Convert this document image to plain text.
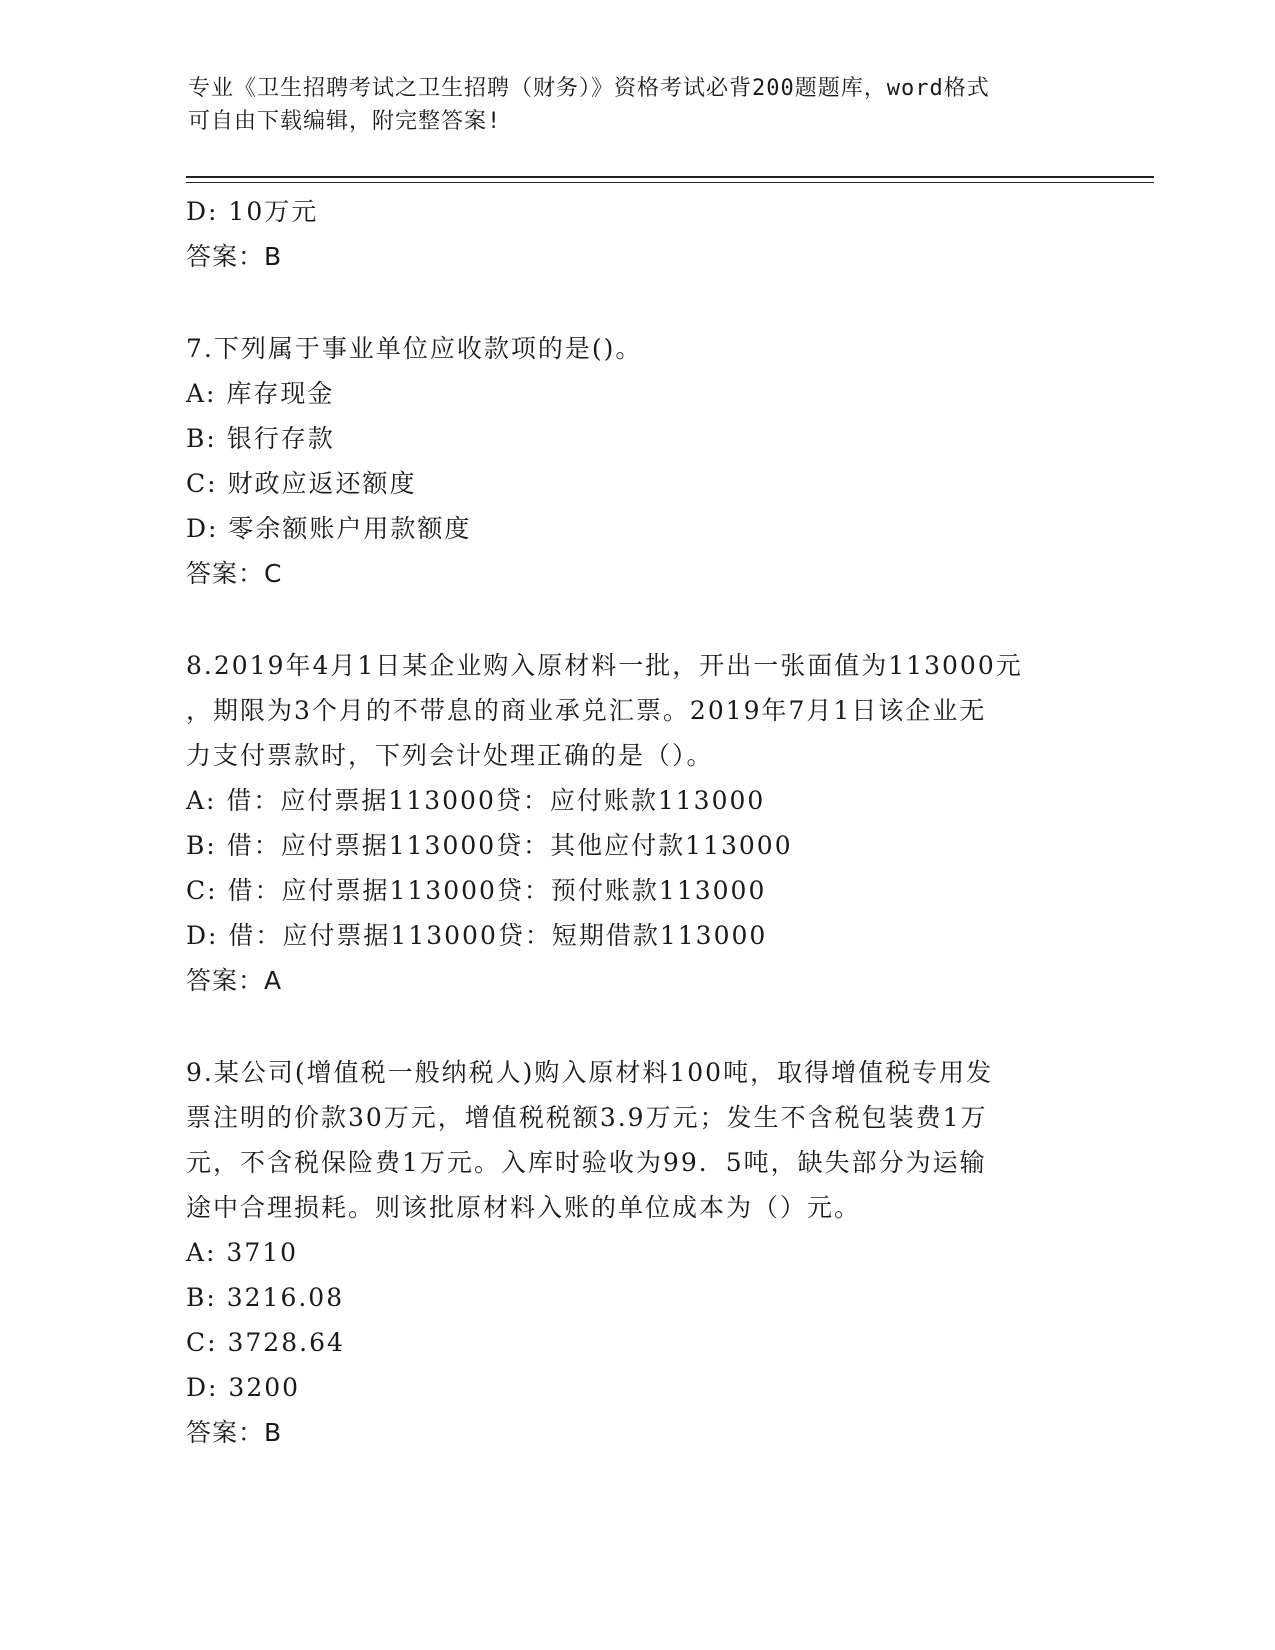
专业《卫生招聘考试之卫生招聘（财务）》资格考试必背200题题库，word格式
可自由下载编辑，附完整答案!
D: 10万元
答案：B
7.下列属于事业单位应收款项的是()。
A: 库存现金
B: 银行存款
C: 财政应返还额度
D: 零余额账户用款额度
答案：C
8.2019年4月1日某企业购入原材料一批，开出一张面值为113000元
，期限为3个月的不带息的商业承兑汇票。2019年7月1日该企业无
力支付票款时，下列会计处理正确的是（）。
A: 借：应付票据113000贷：应付账款113000
B: 借：应付票据113000贷：其他应付款113000
C: 借：应付票据113000贷：预付账款113000
D: 借：应付票据113000贷：短期借款113000
答案：A
9.某公司(增值税一般纳税人)购入原材料100吨，取得增值税专用发
票注明的价款30万元，增值税税额3.9万元；发生不含税包装费1万
元，不含税保险费1万元。入库时验收为99．5吨，缺失部分为运输
途中合理损耗。则该批原材料入账的单位成本为（）元。
A: 3710
B: 3216.08
C: 3728.64
D: 3200
答案：B
